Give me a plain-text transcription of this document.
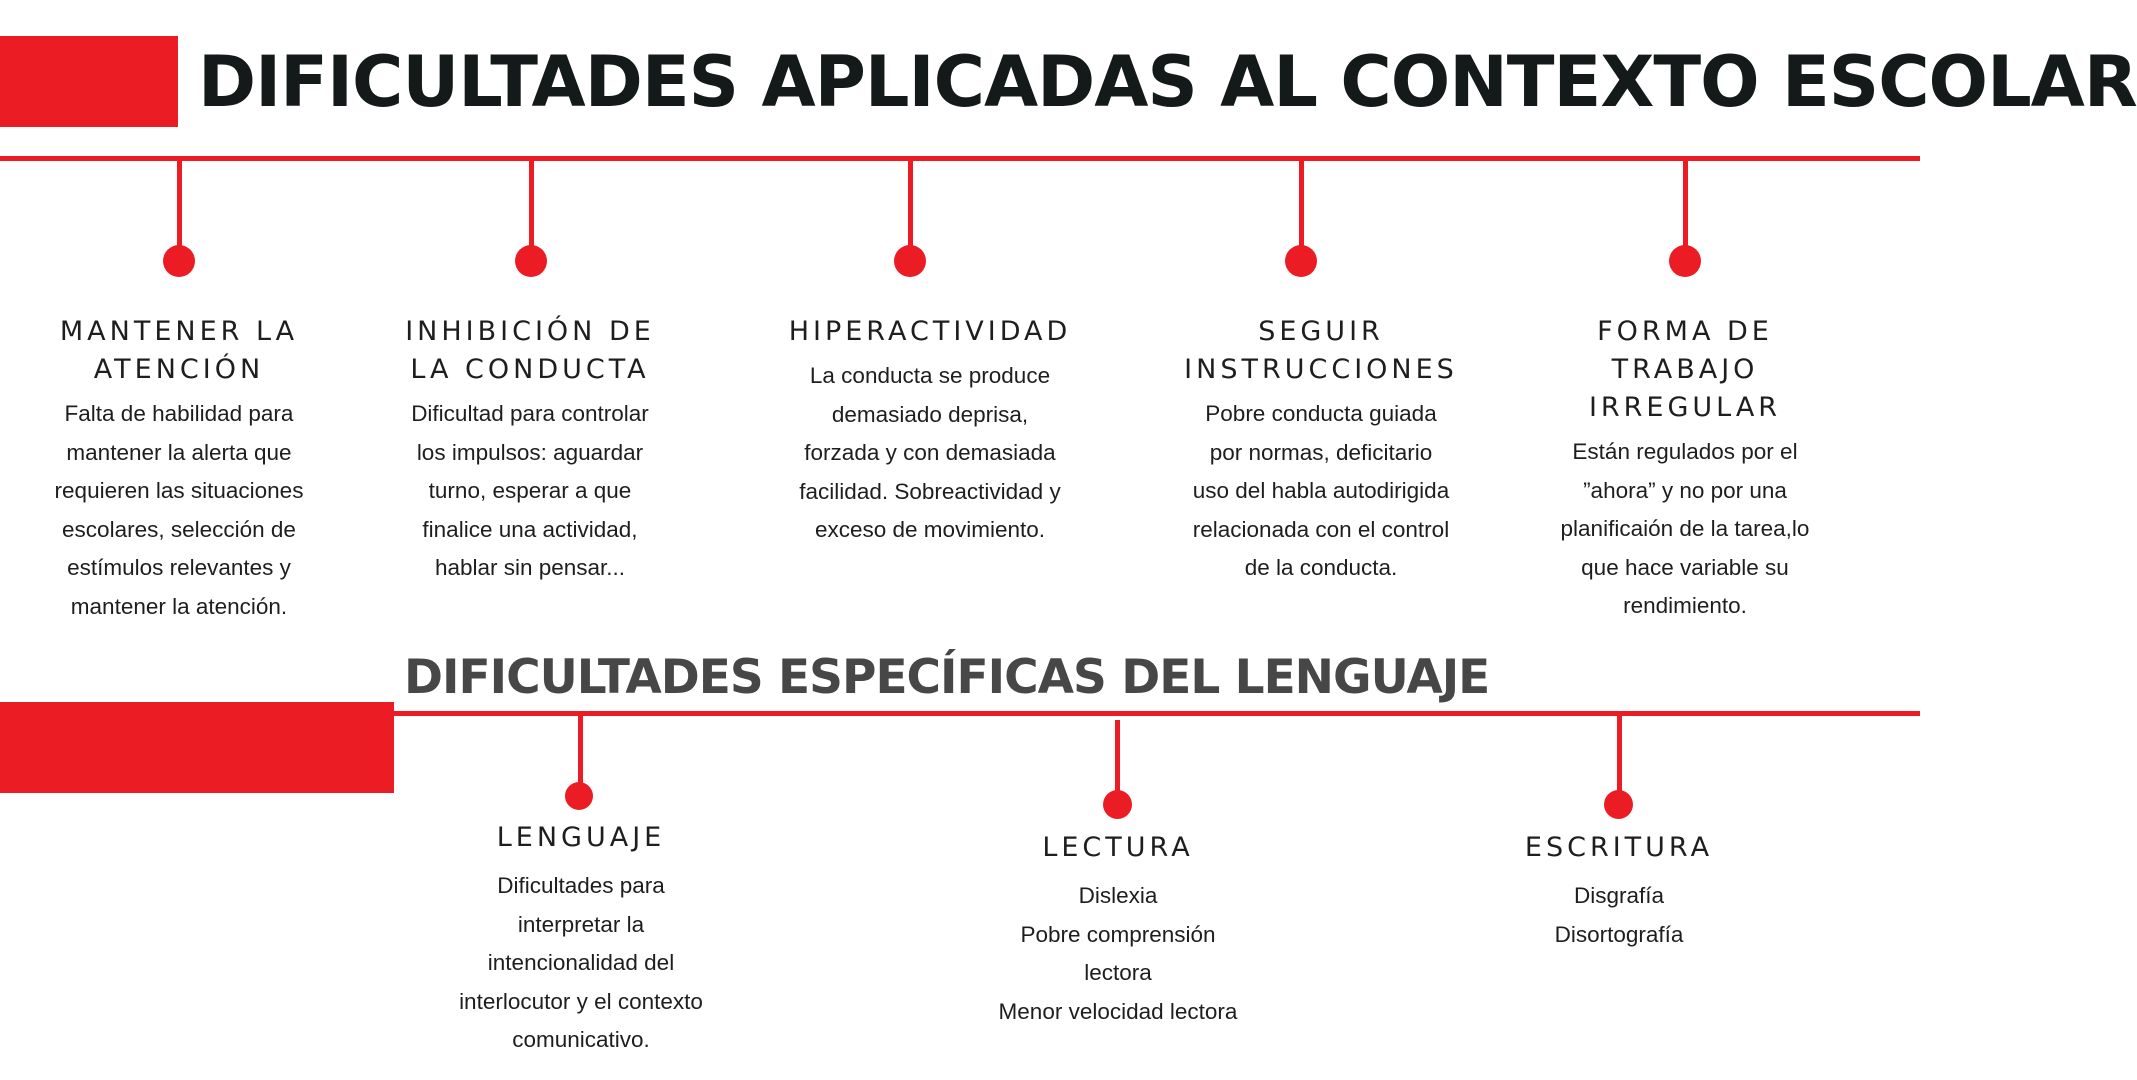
DIFICULTADES APLICADAS AL CONTEXTO ESCOLAR
MANTENER LA ATENCIÓN

Falta de habilidad para
mantener la alerta que
requieren las situaciones
escolares, selección de
estímulos relevantes y
mantener la atención.

INHIBICIÓN DE LA CONDUCTA

Dificultad para controlar
los impulsos: aguardar
turno, esperar a que
finalice una actividad,
hablar sin pensar...

HIPERACTIVIDAD

La conducta se produce
demasiado deprisa,
forzada y con demasiada
facilidad. Sobreactividad y
exceso de movimiento.

SEGUIR INSTRUCCIONES

Pobre conducta guiada
por normas, deficitario
uso del habla autodirigida
relacionada con el control
de la conducta.

FORMA DE TRABAJO IRREGULAR

Están regulados por el
”ahora” y no por una
planificaión de la tarea,lo
que hace variable su
rendimiento.

DIFICULTADES ESPECÍFICAS DEL LENGUAJE
LENGUAJE

Dificultades para
interpretar la
intencionalidad del
interlocutor y el contexto
comunicativo.

LECTURA

Dislexia
Pobre comprensión
lectora
Menor velocidad lectora

ESCRITURA

Disgrafía
Disortografía
